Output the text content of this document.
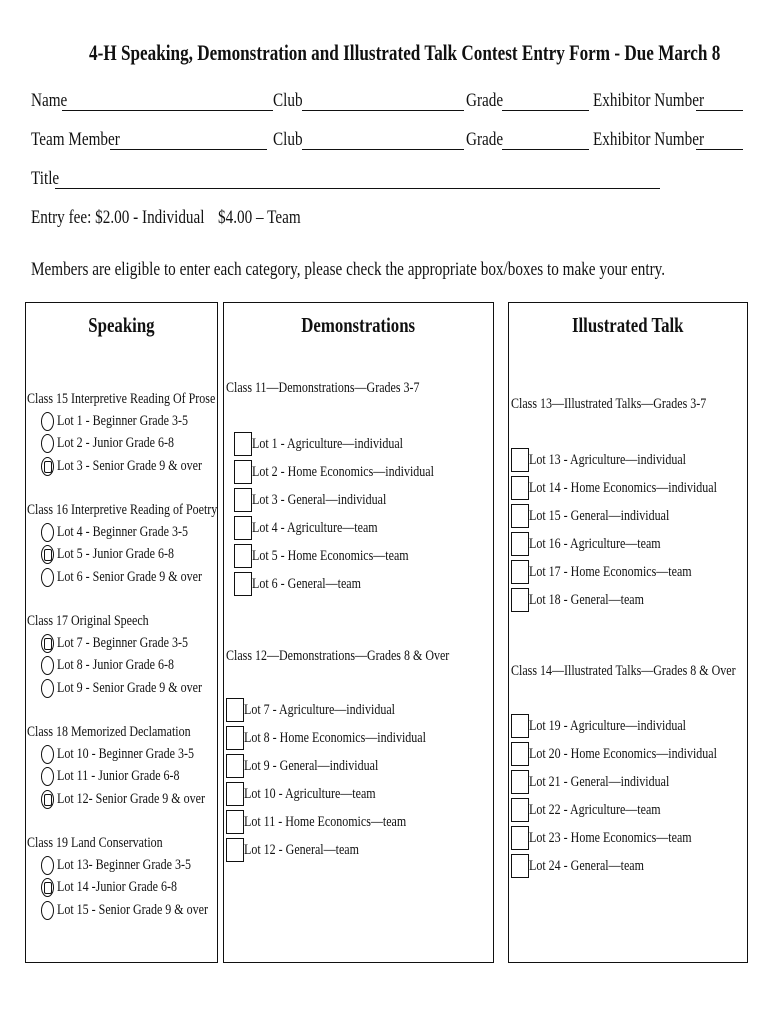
4-H Speaking, Demonstration and Illustrated Talk Contest Entry Form - Due March 8
Name	Club	Grade	Exhibitor Number
Team Member	Club	Grade	Exhibitor Number
Title
Entry fee: $2.00 - Individual $4.00 – Team
Members are eligible to enter each category, please check the appropriate box/boxes to make your entry.
Speaking
Class 15 Interpretive Reading Of Prose
Lot 1 - Beginner Grade 3-5
Lot 2 - Junior Grade 6-8
Lot 3 - Senior Grade 9 & over
Class 16 Interpretive Reading of Poetry
Lot 4 - Beginner Grade 3-5
Lot 5 - Junior Grade 6-8
Lot 6 - Senior Grade 9 & over
Class 17 Original Speech
Lot 7 - Beginner Grade 3-5
Lot 8 - Junior Grade 6-8
Lot 9 - Senior Grade 9 & over
Class 18 Memorized Declamation
Lot 10 - Beginner Grade 3-5
Lot 11 - Junior Grade 6-8
Lot 12- Senior Grade 9 & over
Class 19 Land Conservation
Lot 13- Beginner Grade 3-5
Lot 14 -Junior Grade 6-8
Lot 15 - Senior Grade 9 & over
Demonstrations
Class 11—Demonstrations—Grades 3-7
Lot 1 - Agriculture—individual
Lot 2 - Home Economics—individual
Lot 3 - General—individual
Lot 4 - Agriculture—team
Lot 5 - Home Economics—team
Lot 6 - General—team
Class 12—Demonstrations—Grades 8 & Over
Lot 7 - Agriculture—individual
Lot 8 - Home Economics—individual
Lot 9 - General—individual
Lot 10 - Agriculture—team
Lot 11 - Home Economics—team
Lot 12 - General—team
Illustrated Talk
Class 13—Illustrated Talks—Grades 3-7
Lot 13 - Agriculture—individual
Lot 14 - Home Economics—individual
Lot 15 - General—individual
Lot 16 - Agriculture—team
Lot 17 - Home Economics—team
Lot 18 - General—team
Class 14—Illustrated Talks—Grades 8 & Over
Lot 19 - Agriculture—individual
Lot 20 - Home Economics—individual
Lot 21 - General—individual
Lot 22 - Agriculture—team
Lot 23 - Home Economics—team
Lot 24 - General—team
